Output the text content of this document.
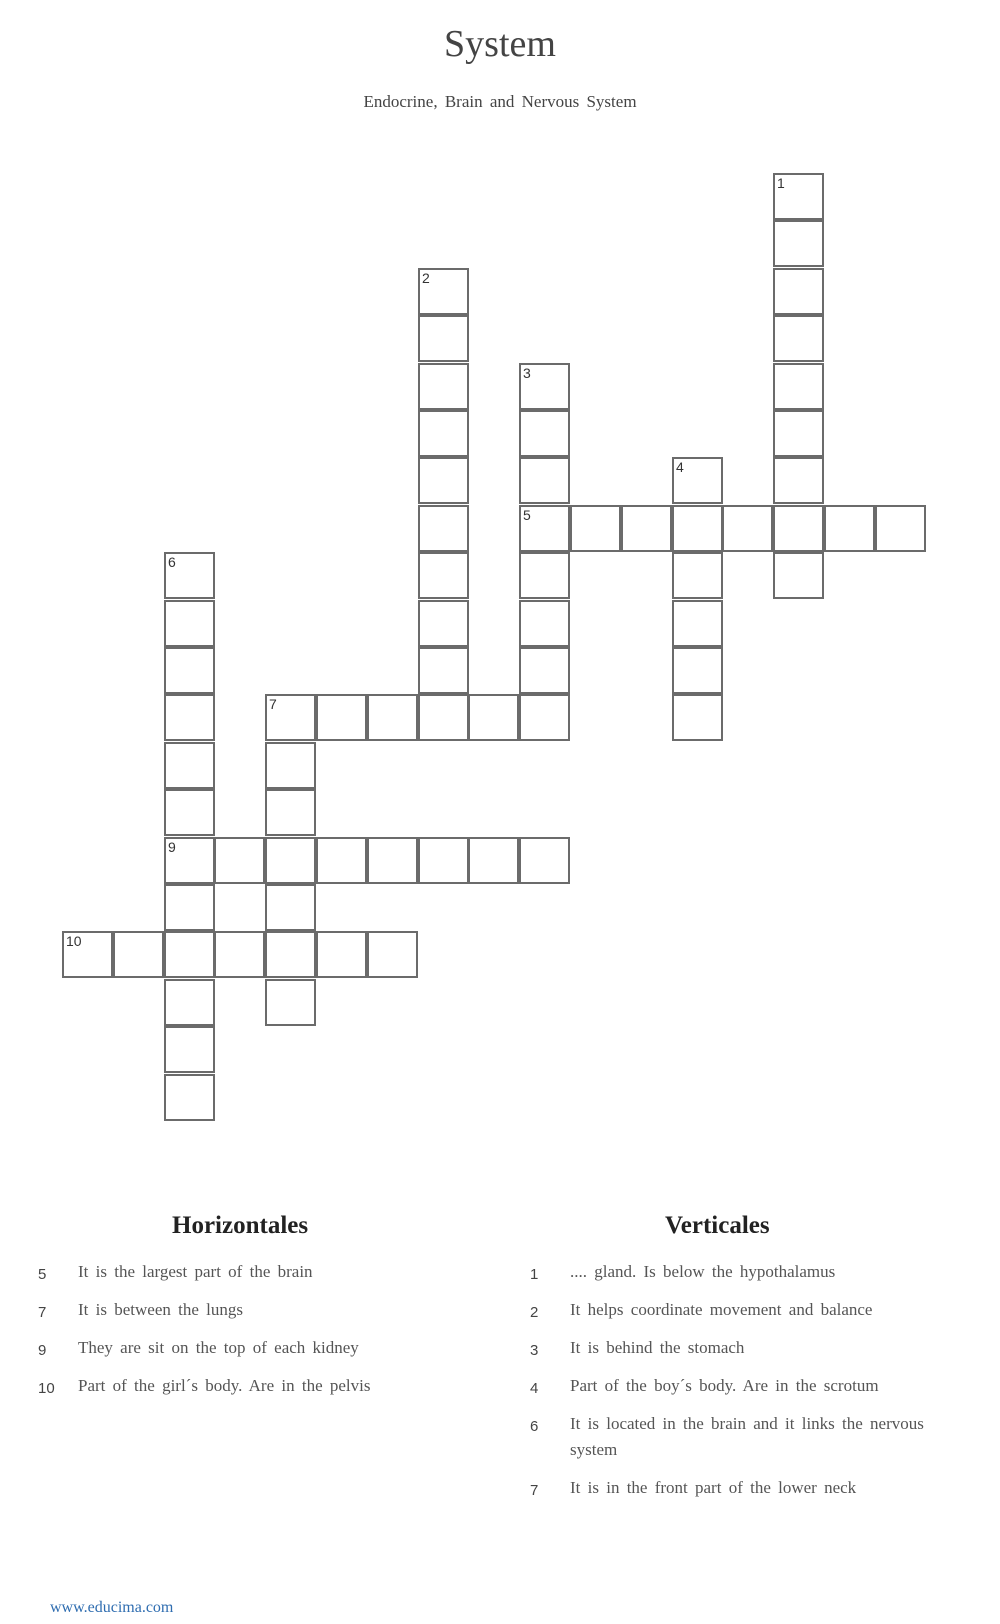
System
Endocrine, Brain and Nervous System
1
2
3
5
4
6
9
7
10
Horizontales	Verticales
5 It is the largest part of the brain
7 It is between the lungs
9 They are sit on the top of each kidney
10 Part of the girl´s body. Are in the pelvis
1 .... gland. Is below the hypothalamus
2 It helps coordinate movement and balance
3 It is behind the stomach
4 Part of the boy´s body. Are in the scrotum
6 It is located in the brain and it links the nervous system
7 It is in the front part of the lower neck
www.educima.com
